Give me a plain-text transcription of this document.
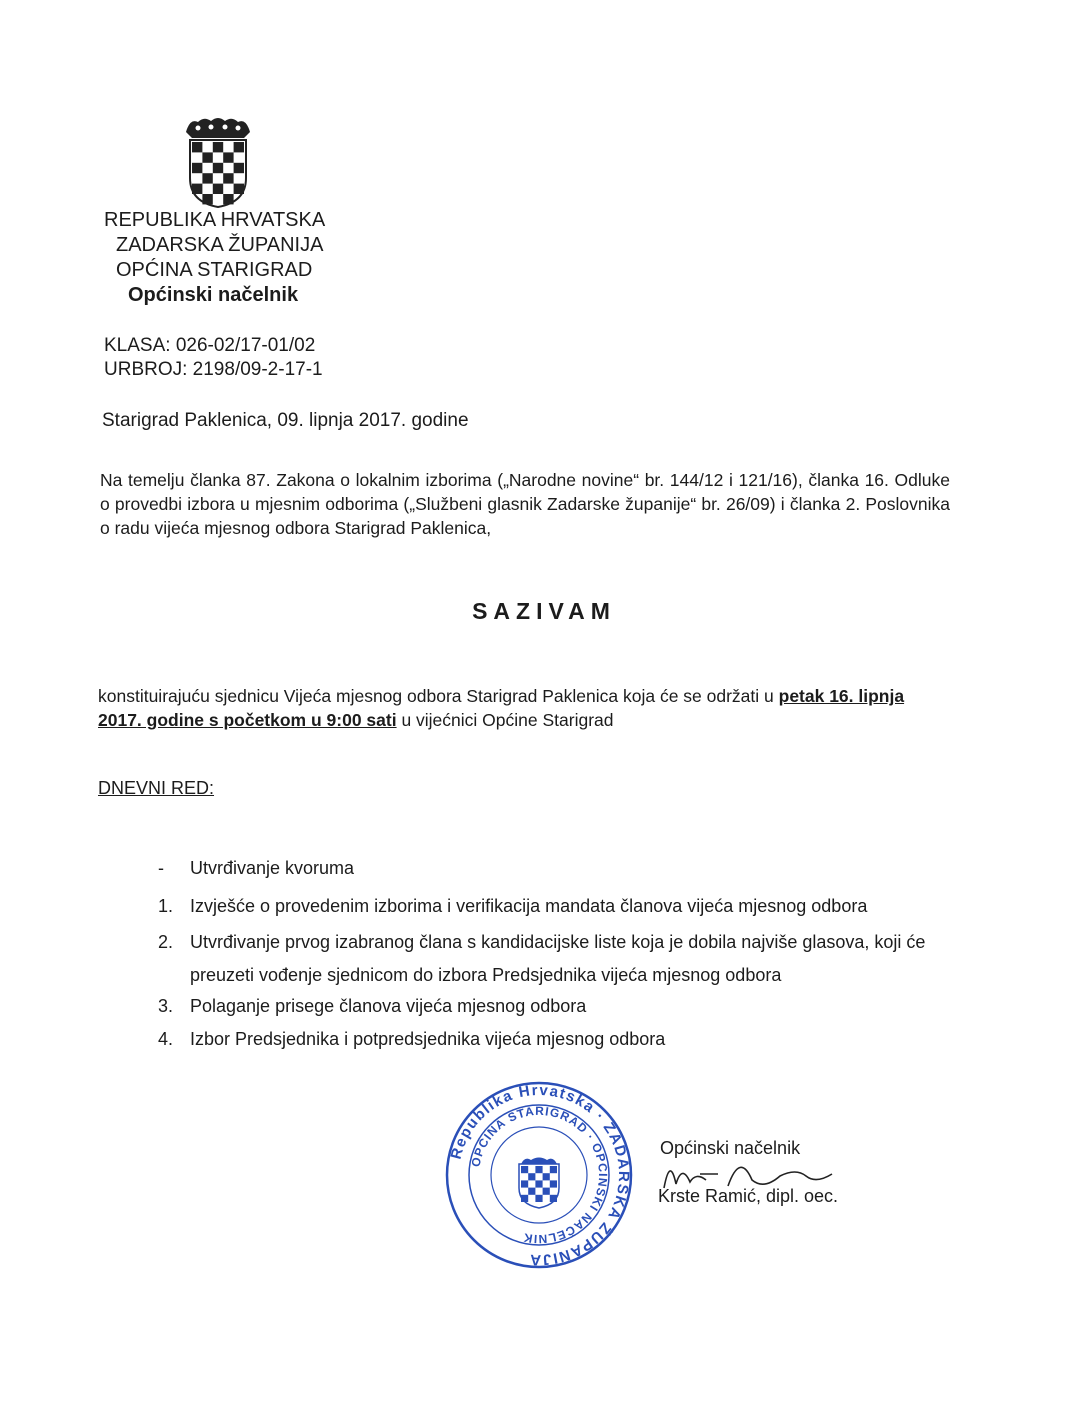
REPUBLIKA HRVATSKA
ZADARSKA ŽUPANIJA
OPĆINA STARIGRAD
Općinski načelnik
KLASA: 026-02/17-01/02
URBROJ: 2198/09-2-17-1
Starigrad Paklenica, 09. lipnja 2017. godine
Na temelju članka 87. Zakona o lokalnim izborima („Narodne novine“ br. 144/12 i 121/16), članka 16. Odluke o provedbi izbora u mjesnim odborima („Službeni glasnik Zadarske županije“ br. 26/09) i članka 2. Poslovnika o radu vijeća mjesnog odbora Starigrad Paklenica,
SAZIVAM
konstituirajuću sjednicu Vijeća mjesnog odbora Starigrad Paklenica koja će se održati u petak 16. lipnja 2017. godine s početkom u 9:00 sati u vijećnici Općine Starigrad
DNEVNI RED:
- Utvrđivanje kvoruma
1. Izvješće o provedenim izborima i verifikacija mandata članova vijeća mjesnog odbora
2. Utvrđivanje prvog izabranog člana s kandidacijske liste koja je dobila najviše glasova, koji će preuzeti vođenje sjednicom do izbora Predsjednika vijeća mjesnog odbora
3. Polaganje prisege članova vijeća mjesnog odbora
4. Izbor Predsjednika i potpredsjednika vijeća mjesnog odbora
Republika Hrvatska · ZADARSKA ŽUPANIJA
OPĆINA STARIGRAD · OPĆINSKI NAČELNIK
Općinski načelnik
Krste Ramić, dipl. oec.
